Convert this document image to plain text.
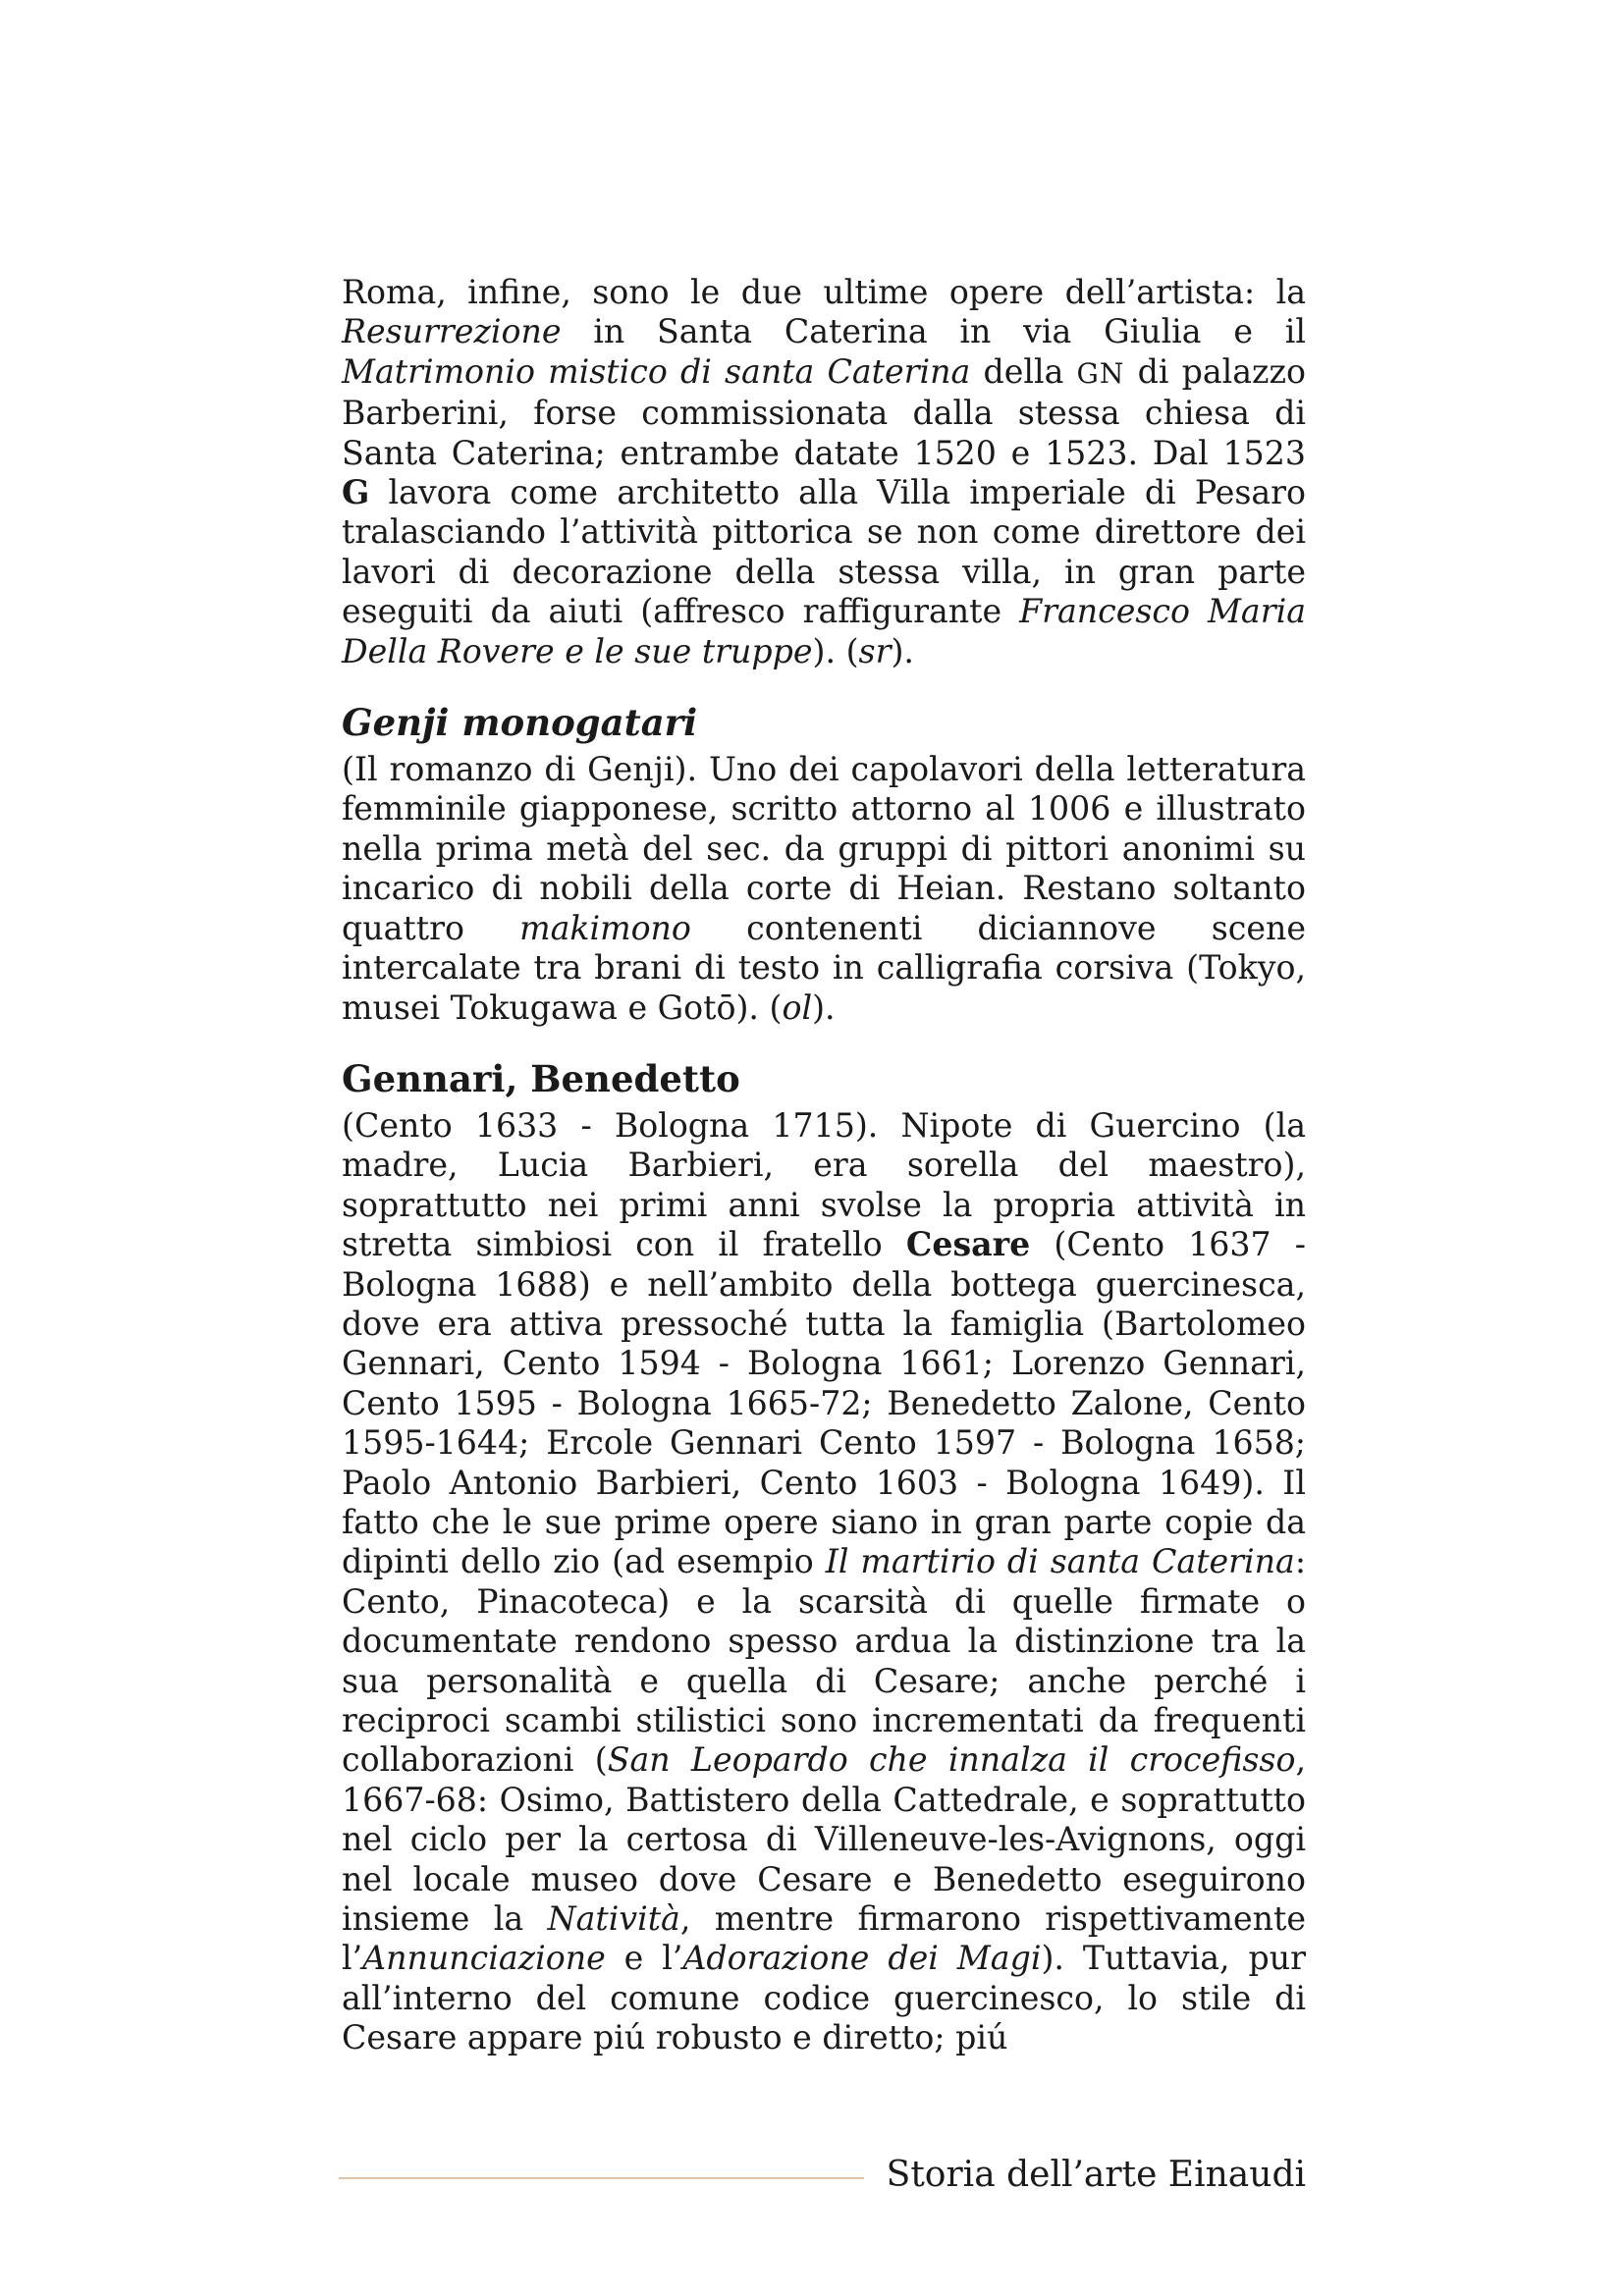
Roma, infine, sono le due ultime opere dell’artista: la Resurrezione in Santa Caterina in via Giulia e il Matrimonio mistico di santa Caterina della GN di palazzo Barberini, forse commissionata dalla stessa chiesa di Santa Caterina; entrambe datate 1520 e 1523. Dal 1523 G lavora come architetto alla Villa imperiale di Pesaro tralasciando l’attività pittorica se non come direttore dei lavori di decorazione della stessa villa, in gran parte eseguiti da aiuti (affresco raffigurante Francesco Maria Della Rovere e le sue truppe). (sr).

Genji monogatari

(Il romanzo di Genji). Uno dei capolavori della letteratura femminile giapponese, scritto attorno al 1006 e illustrato nella prima metà del sec. da gruppi di pittori anonimi su incarico di nobili della corte di Heian. Restano soltanto quattro makimono contenenti diciannove scene intercalate tra brani di testo in calligrafia corsiva (Tokyo, musei Tokugawa e Gotō). (ol).

Gennari, Benedetto

(Cento 1633 - Bologna 1715). Nipote di Guercino (la madre, Lucia Barbieri, era sorella del maestro), soprattutto nei primi anni svolse la propria attività in stretta simbiosi con il fratello Cesare (Cento 1637 - Bologna 1688) e nell’ambito della bottega guercinesca, dove era attiva pressoché tutta la famiglia (Bartolomeo Gennari, Cento 1594 - Bologna 1661; Lorenzo Gennari, Cento 1595 - Bologna 1665-72; Benedetto Zalone, Cento 1595-1644; Ercole Gennari Cento 1597 - Bologna 1658; Paolo Antonio Barbieri, Cento 1603 - Bologna 1649). Il fatto che le sue prime opere siano in gran parte copie da dipinti dello zio (ad esempio Il martirio di santa Caterina: Cento, Pinacoteca) e la scarsità di quelle firmate o documentate rendono spesso ardua la distinzione tra la sua personalità e quella di Cesare; anche perché i reciproci scambi stilistici sono incrementati da frequenti collaborazioni (San Leopardo che innalza il crocefisso, 1667-68: Osimo, Battistero della Cattedrale, e soprattutto nel ciclo per la certosa di Villeneuve-les-Avignons, oggi nel locale museo dove Cesare e Benedetto eseguirono insieme la Natività, mentre firmarono rispettivamente l’Annunciazione e l’Adorazione dei Magi). Tuttavia, pur all’interno del comune codice guercinesco, lo stile di Cesare appare piú robusto e diretto; piú

Storia dell’arte Einaudi
